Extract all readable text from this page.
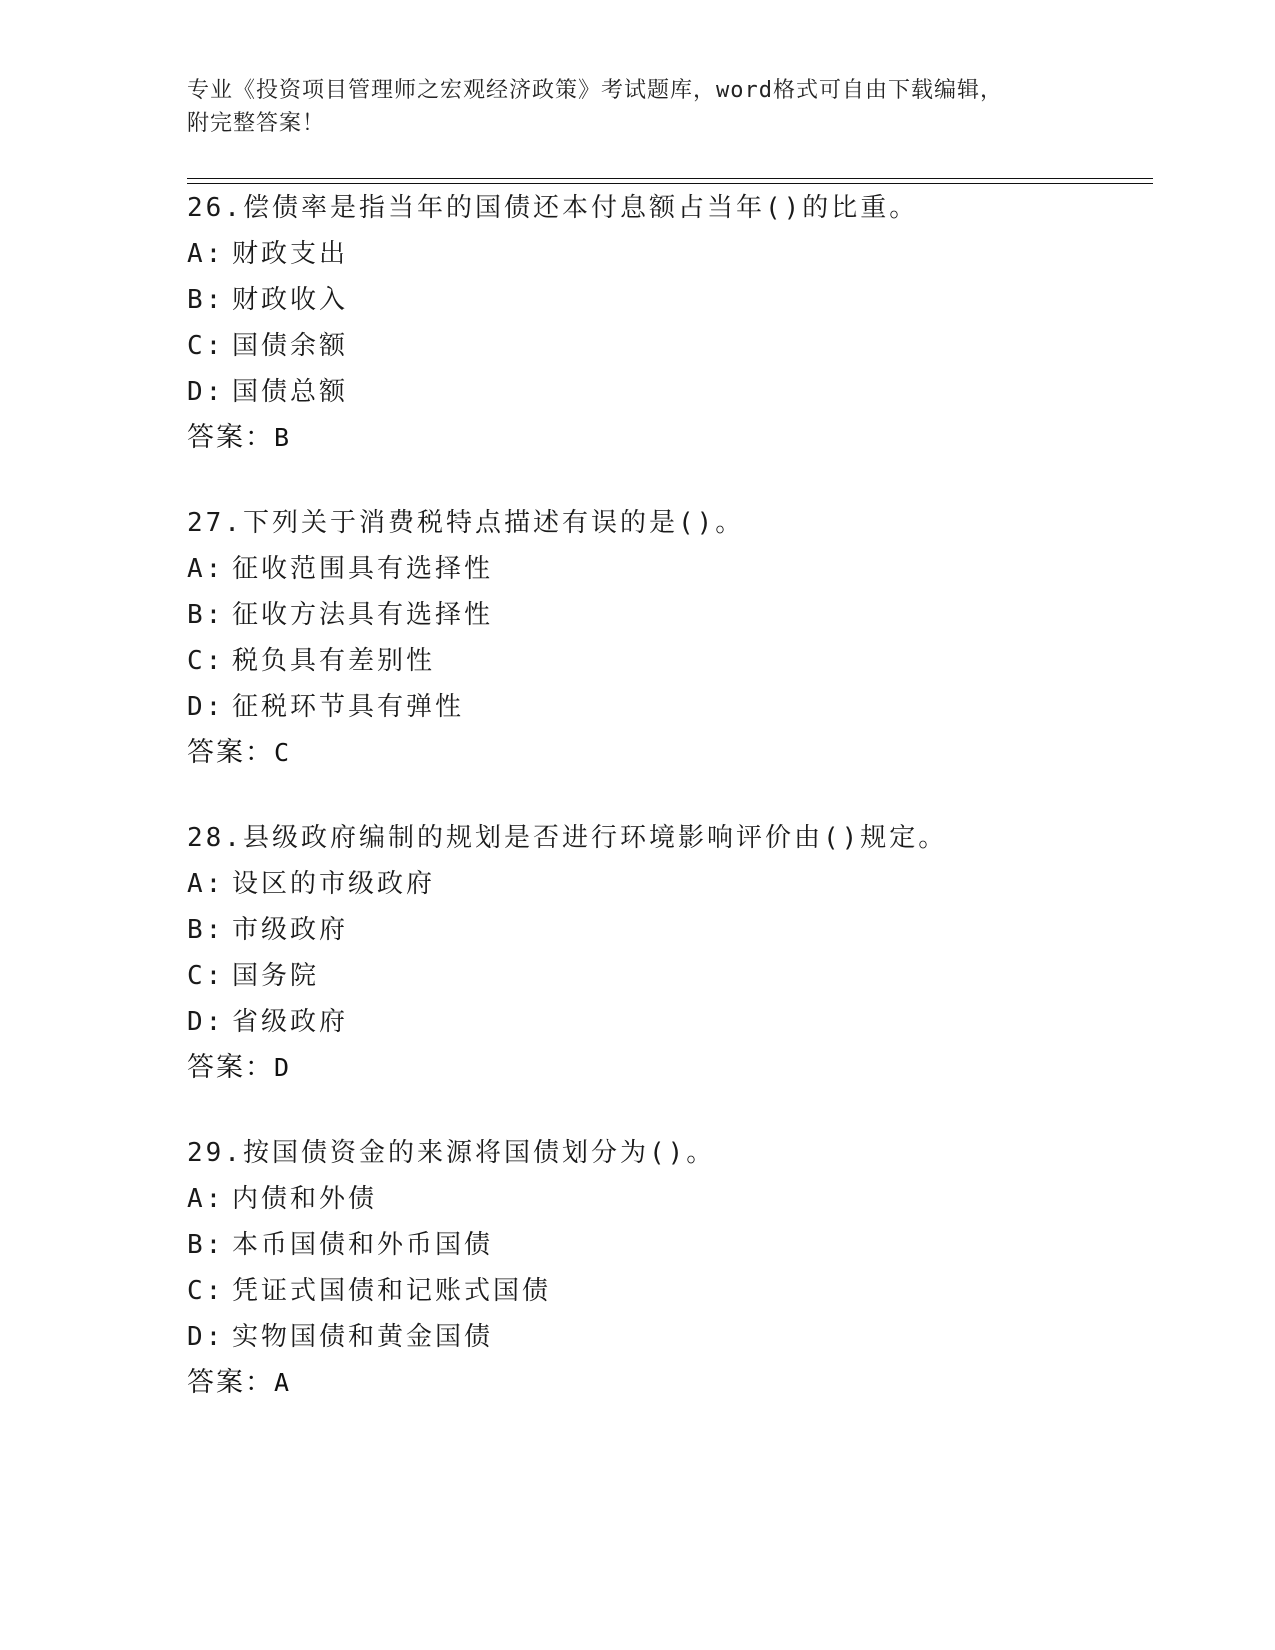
专业《投资项目管理师之宏观经济政策》考试题库，word格式可自由下载编辑，
附完整答案！
26.偿债率是指当年的国债还本付息额占当年()的比重。
A: 财政支出
B: 财政收入
C: 国债余额
D: 国债总额
答案：B
27.下列关于消费税特点描述有误的是()。
A: 征收范围具有选择性
B: 征收方法具有选择性
C: 税负具有差别性
D: 征税环节具有弹性
答案：C
28.县级政府编制的规划是否进行环境影响评价由()规定。
A: 设区的市级政府
B: 市级政府
C: 国务院
D: 省级政府
答案：D
29.按国债资金的来源将国债划分为()。
A: 内债和外债
B: 本币国债和外币国债
C: 凭证式国债和记账式国债
D: 实物国债和黄金国债
答案：A
